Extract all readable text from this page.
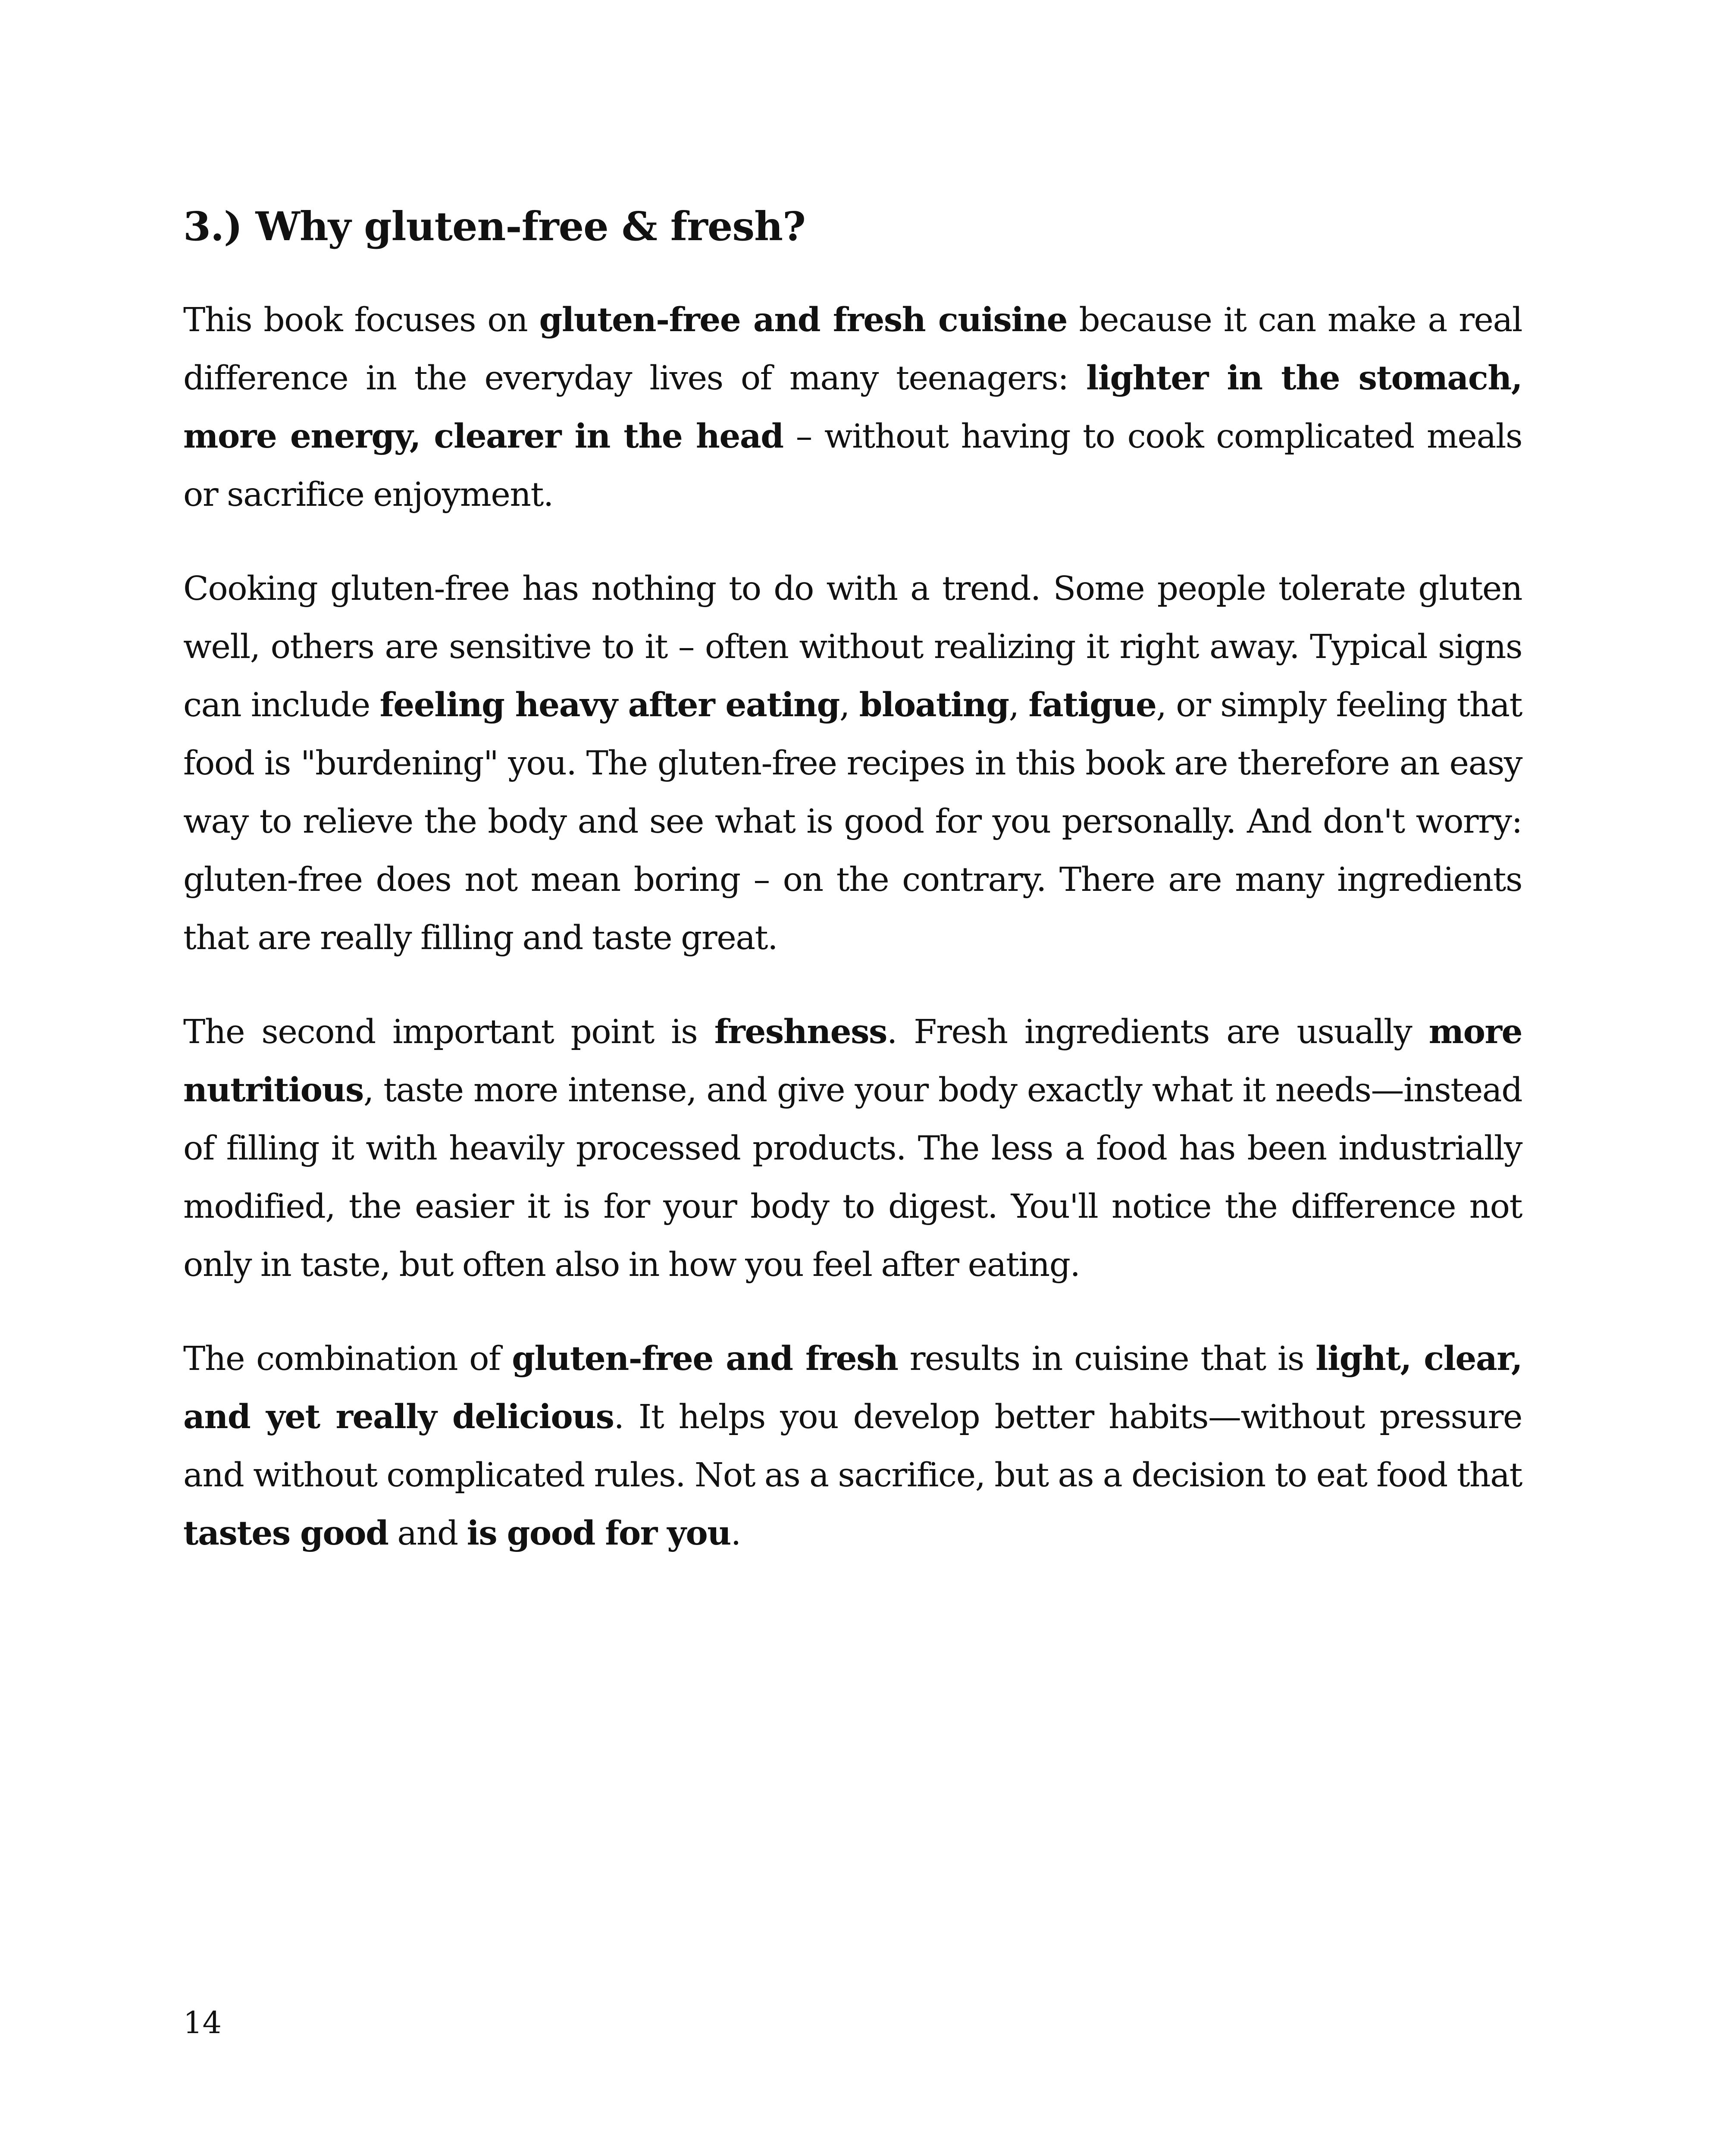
3.) Why gluten-free & fresh?

This book focuses on gluten-free and fresh cuisine because it can make a real difference in the everyday lives of many teenagers: lighter in the stomach, more energy, clearer in the head – without having to cook complicated meals or sacrifice enjoyment.

Cooking gluten-free has nothing to do with a trend. Some people tolerate gluten well, others are sensitive to it – often without realizing it right away. Typical signs can include feeling heavy after eating, bloating, fatigue, or simply feeling that food is "burdening" you. The gluten-free recipes in this book are therefore an easy way to relieve the body and see what is good for you personally. And don't worry: gluten-free does not mean boring – on the contrary. There are many ingredients that are really filling and taste great.

The second important point is freshness. Fresh ingredients are usually more nutritious, taste more intense, and give your body exactly what it needs—instead of filling it with heavily processed products. The less a food has been industrially modified, the easier it is for your body to digest. You'll notice the difference not only in taste, but often also in how you feel after eating.

The combination of gluten-free and fresh results in cuisine that is light, clear, and yet really delicious. It helps you develop better habits—without pressure and without complicated rules. Not as a sacrifice, but as a decision to eat food that tastes good and is good for you.

14
